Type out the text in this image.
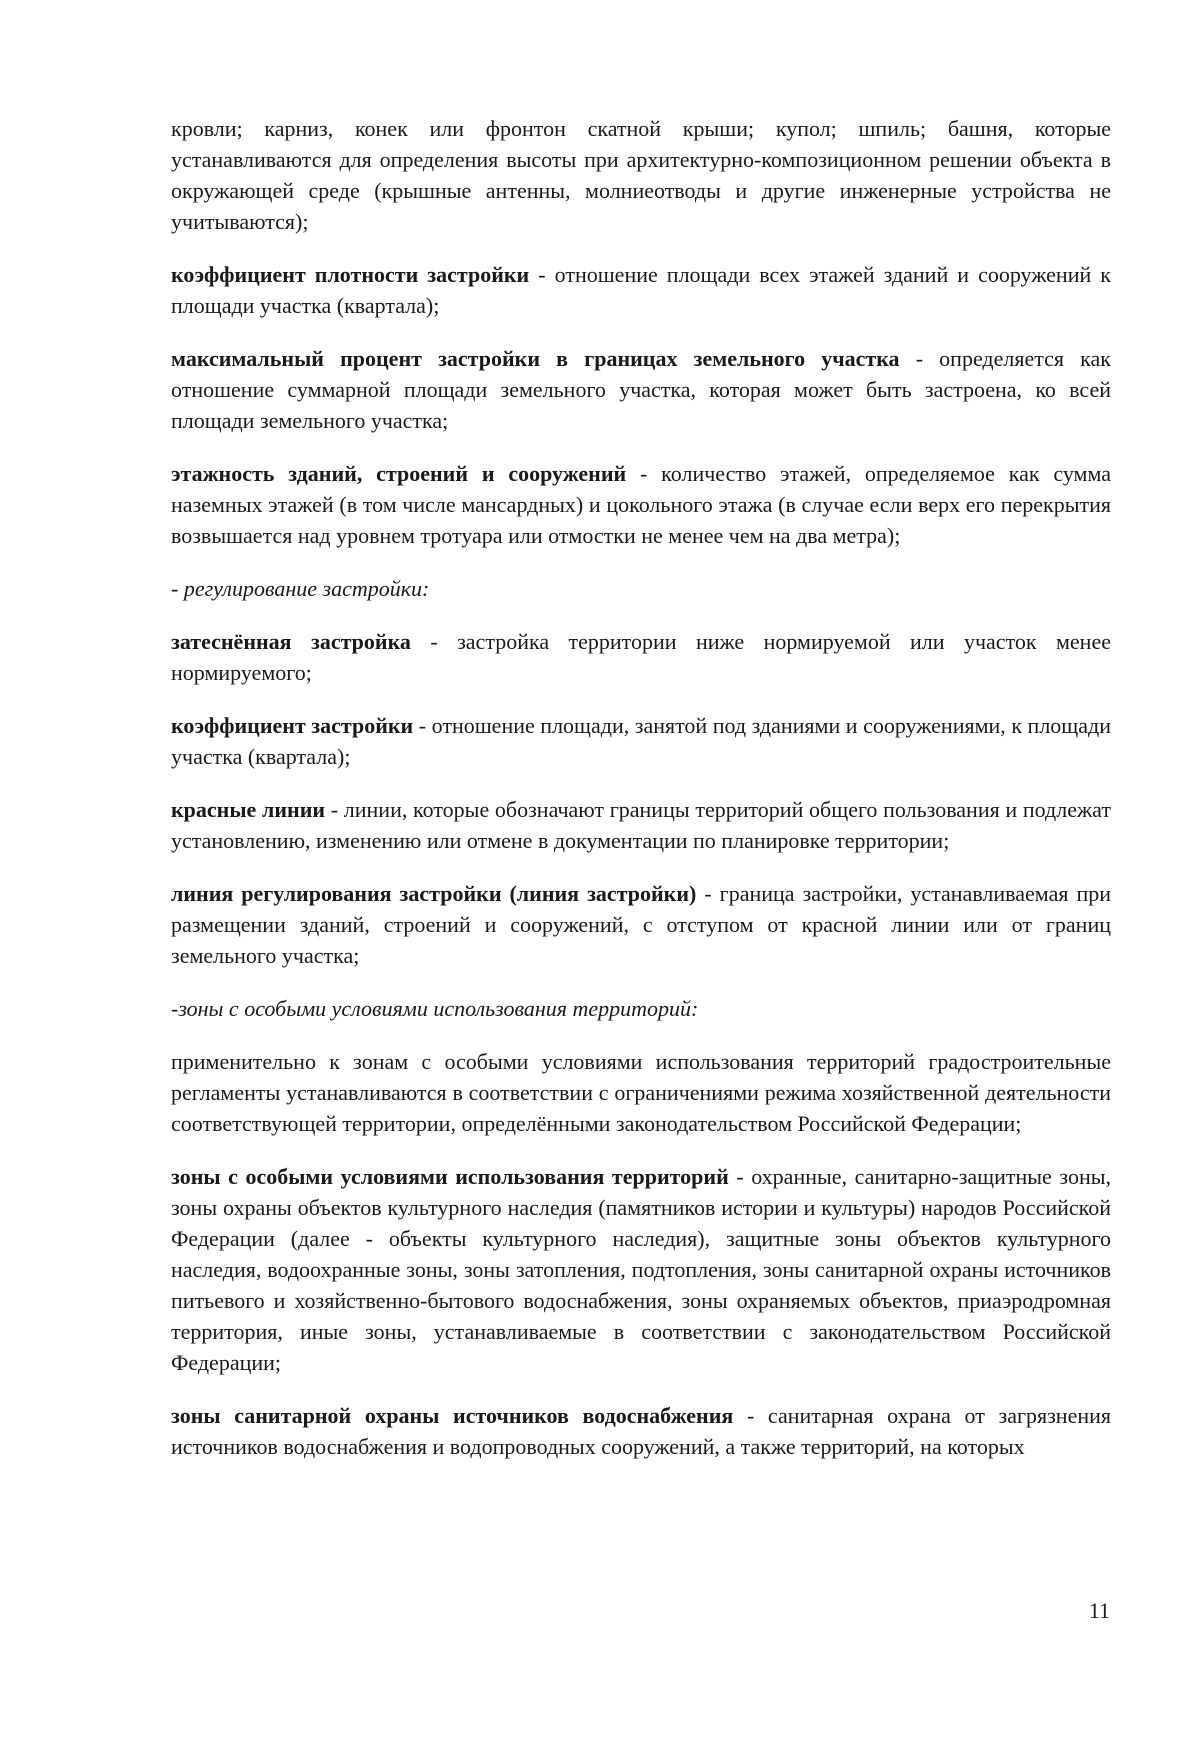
кровли; карниз, конек или фронтон скатной крыши; купол; шпиль; башня, которые устанавливаются для определения высоты при архитектурно-композиционном решении объекта в окружающей среде (крышные антенны, молниеотводы и другие инженерные устройства не учитываются);

коэффициент плотности застройки - отношение площади всех этажей зданий и сооружений к площади участка (квартала);

максимальный процент застройки в границах земельного участка - определяется как отношение суммарной площади земельного участка, которая может быть застроена, ко всей площади земельного участка;

этажность зданий, строений и сооружений - количество этажей, определяемое как сумма наземных этажей (в том числе мансардных) и цокольного этажа (в случае если верх его перекрытия возвышается над уровнем тротуара или отмостки не менее чем на два метра);

- регулирование застройки:

затеснённая застройка - застройка территории ниже нормируемой или участок менее нормируемого;

коэффициент застройки - отношение площади, занятой под зданиями и сооружениями, к площади участка (квартала);

красные линии - линии, которые обозначают границы территорий общего пользования и подлежат установлению, изменению или отмене в документации по планировке территории;

линия регулирования застройки (линия застройки) - граница застройки, устанавливаемая при размещении зданий, строений и сооружений, с отступом от красной линии или от границ земельного участка;

-зоны с особыми условиями использования территорий:

применительно к зонам с особыми условиями использования территорий градостроительные регламенты устанавливаются в соответствии с ограничениями режима хозяйственной деятельности соответствующей территории, определёнными законодательством Российской Федерации;

зоны с особыми условиями использования территорий - охранные, санитарно-защитные зоны, зоны охраны объектов культурного наследия (памятников истории и культуры) народов Российской Федерации (далее - объекты культурного наследия), защитные зоны объектов культурного наследия, водоохранные зоны, зоны затопления, подтопления, зоны санитарной охраны источников питьевого и хозяйственно-бытового водоснабжения, зоны охраняемых объектов, приаэродромная территория, иные зоны, устанавливаемые в соответствии с законодательством Российской Федерации;

зоны санитарной охраны источников водоснабжения - санитарная охрана от загрязнения источников водоснабжения и водопроводных сооружений, а также территорий, на которых

11
